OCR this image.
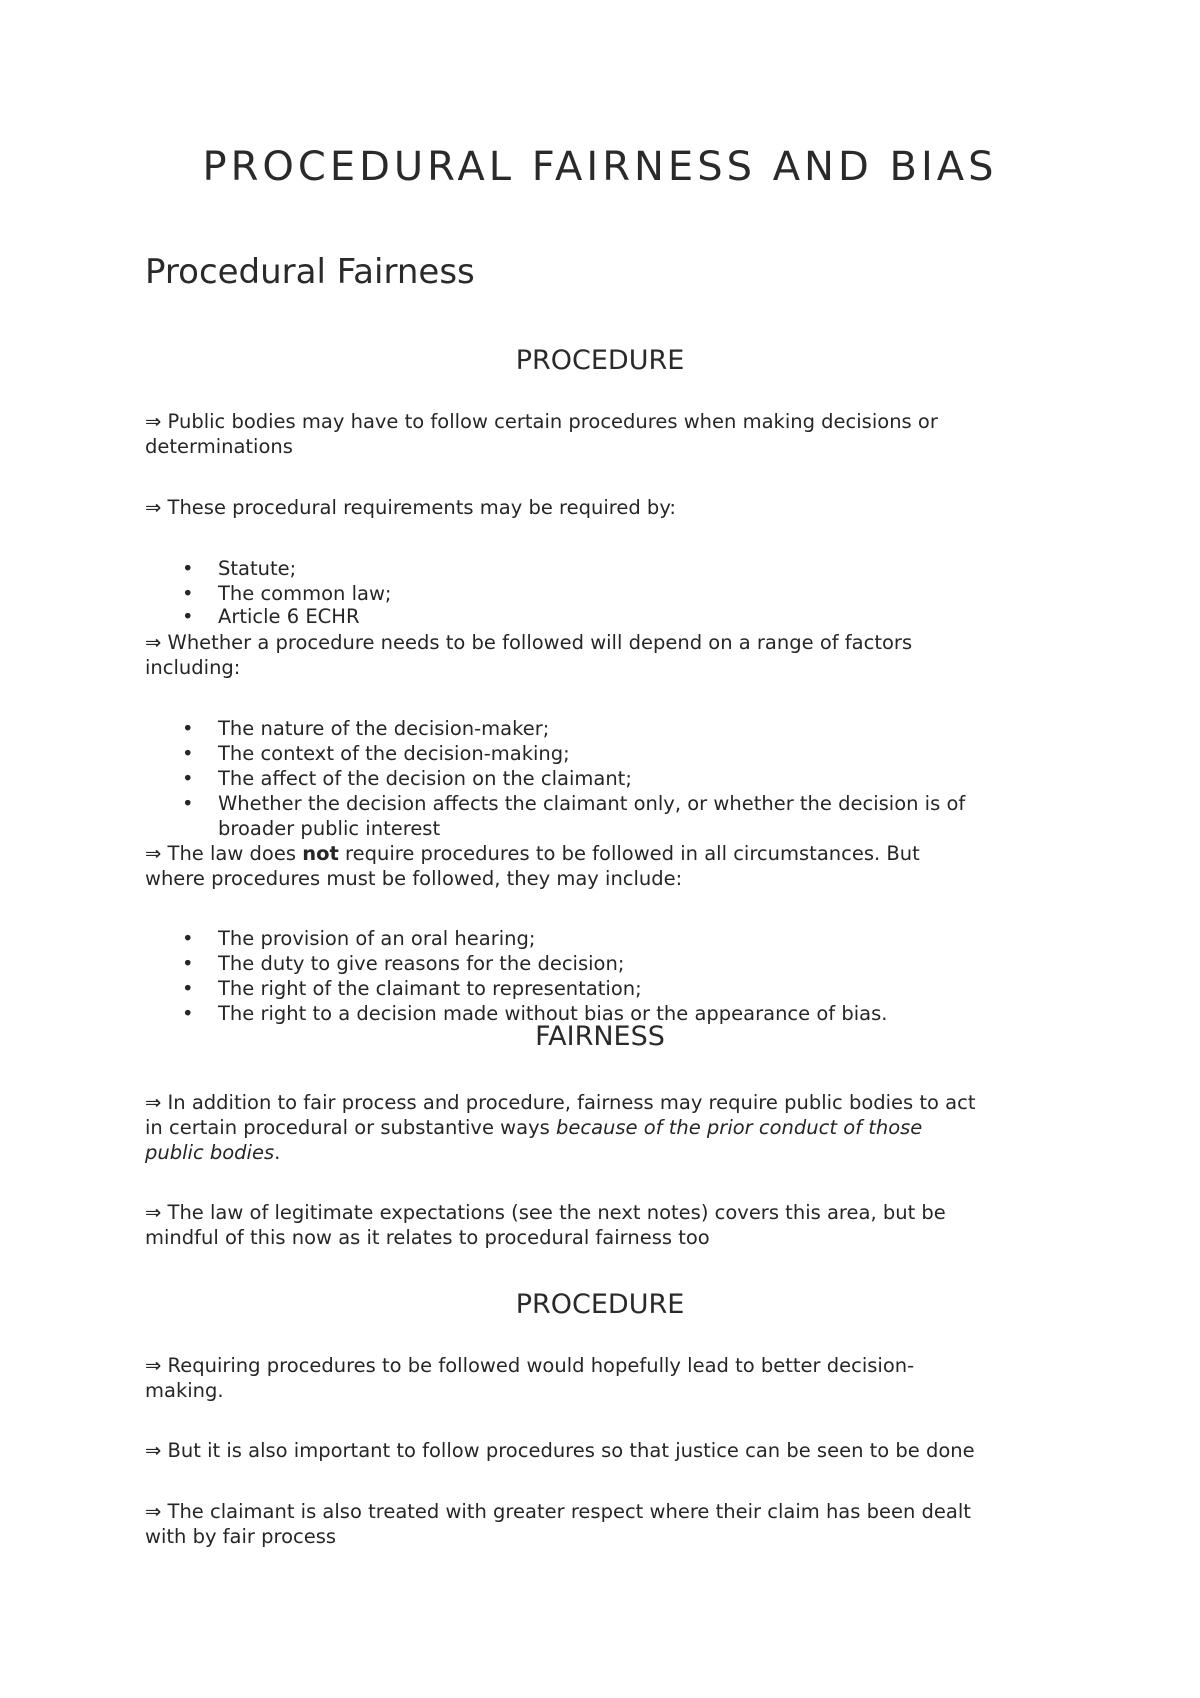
PROCEDURAL FAIRNESS AND BIAS
Procedural Fairness
PROCEDURE
⇒ Public bodies may have to follow certain procedures when making decisions or
determinations
⇒ These procedural requirements may be required by:
• Statute;
• The common law;
• Article 6 ECHR
⇒ Whether a procedure needs to be followed will depend on a range of factors
including:
• The nature of the decision-maker;
• The context of the decision-making;
• The affect of the decision on the claimant;
• Whether the decision affects the claimant only, or whether the decision is of
broader public interest
⇒ The law does not require procedures to be followed in all circumstances. But
where procedures must be followed, they may include:
• The provision of an oral hearing;
• The duty to give reasons for the decision;
• The right of the claimant to representation;
• The right to a decision made without bias or the appearance of bias.
FAIRNESS
⇒ In addition to fair process and procedure, fairness may require public bodies to act
in certain procedural or substantive ways because of the prior conduct of those
public bodies.
⇒ The law of legitimate expectations (see the next notes) covers this area, but be
mindful of this now as it relates to procedural fairness too
PROCEDURE
⇒ Requiring procedures to be followed would hopefully lead to better decision-
making.
⇒ But it is also important to follow procedures so that justice can be seen to be done
⇒ The claimant is also treated with greater respect where their claim has been dealt
with by fair process
